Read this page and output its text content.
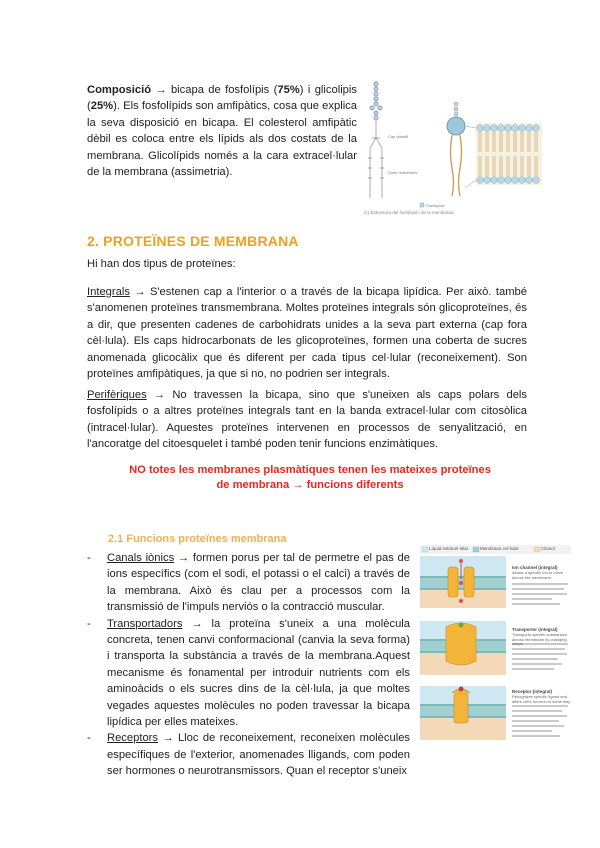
Composició → bicapa de fosfolípis (75%) i glicolipis (25%). Els fosfolípids son amfipàtics, cosa que explica la seva disposició en bicapa. El colesterol amfipàtic dèbil es coloca entre els lípids als dos costats de la membrana. Glicolípids només a la cara extracel·lular de la membrana (assimetria).

Cap hidròfil
Cues hidròfobes
Fosfolípids
(c) Estructura del fosfolípid i de la membrana
2. PROTEÏNES DE MEMBRANA

Hi han dos tipus de proteïnes:

Integrals → S'estenen cap a l'interior o a través de la bicapa lipídica. Per això. també s'anomenen proteïnes transmembrana. Moltes proteïnes integrals són glicoproteïnes, és a dir, que presenten cadenes de carbohidrats unides a la seva part externa (cap fora cèl·lula). Els caps hidrocarbonats de les glicoproteïnes, formen una coberta de sucres anomenada glicocàlix que és diferent per cada tipus cel·lular (reconeixement). Son proteïnes amfipàtiques, ja que si no, no podrien ser integrals.

Perifèriques → No travessen la bicapa, sino que s'uneixen als caps polars dels fosfolípids o a altres proteïnes integrals tant en la banda extracel·lular com citosòlica (intracel·lular). Aquestes proteïnes intervenen en processos de senyalització, en l'ancoratge del citoesquelet i també poden tenir funcions enzimàtiques.

NO totes les membranes plasmàtiques tenen les mateixes proteïnes

de membrana → funcions diferents

2.1 Funcions proteïnes membrana
- Canals iònics → formen porus per tal de permetre el pas de ions específics (com el sodi, el potassi o el calci) a través de la membrana. Això és clau per a processos com la transmissió de l'impuls nerviós o la contracció muscular.
- Transportadors → la proteïna s'uneix a una molècula concreta, tenen canvi conformacional (canvia la seva forma) i transporta la substància a través de la membrana.Aquest mecanisme és fonamental per introduir nutrients com els aminoàcids o els sucres dins de la cèl·lula, ja que moltes vegades aquestes molècules no poden travessar la bicapa lipídica per elles mateixes.
- Receptors → Lloc de reconeixement, reconeixen molècules específiques de l'exterior, anomenades lligands, com poden ser hormones o neurotransmissors. Quan el receptor s'uneix
Líquid extracel·lular	Membrana cel·lular	Citosol
Ion channel (integral)
Allows a specific ion to move across the membrane.
Transporter (integral)
Transports specific substances across membrane by changing shape.
Receptor (integral)
Recognizes specific ligand and alters cell's function in some way.
